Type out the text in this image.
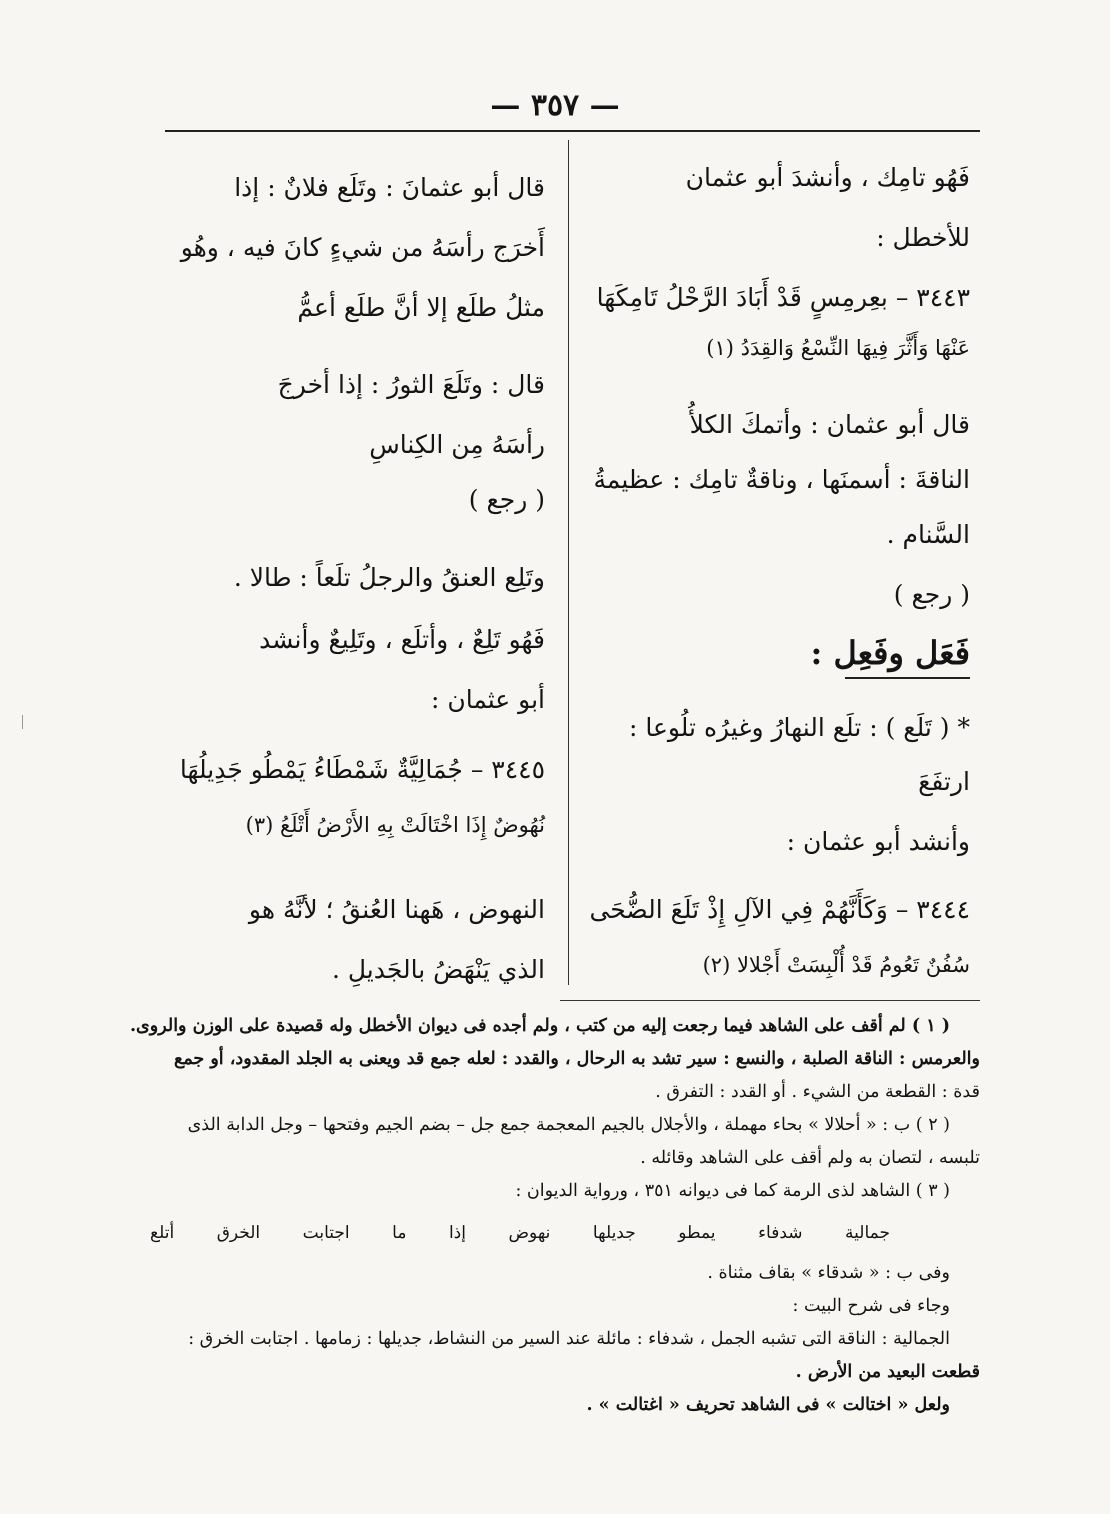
— ٣٥٧ —
فَهُو تامِك ، وأنشدَ أبو عثمان
للأخطل :
٣٤٤٣ – بعِرمِسٍ قَدْ أَبَادَ الرَّحْلُ تَامِكَهَا
عَنْهَا وَأَثَّرَ فِيهَا النِّسْعُ وَالقِدَدُ (١)
قال أبو عثمان : وأتمكَ الكلأُ
الناقةَ : أسمنَها ، وناقةٌ تامِك : عظيمةُ
السَّنام .
( رجع )
فَعَل وفَعِل :
* ( تَلَع ) : تلَع النهارُ وغيرُه تلُوعا :
ارتفَعَ
وأنشد أبو عثمان :
٣٤٤٤ – وَكَأَنَّهُمْ فِي الآلِ إِذْ تَلَعَ الضُّحَى
سُفُنٌ تَعُومُ قَدْ أُلْبِسَتْ أَجْلالا (٢)
قال أبو عثمانَ : وتَلَع فلانٌ : إذا
أَخرَج رأسَهُ من شيءٍ كانَ فيه ، وهُو
مثلُ طلَع إلا أنَّ طلَع أعمُّ
قال : وتَلَعَ الثورُ : إذا أخرجَ
رأسَهُ مِن الكِناسِ
( رجع )
وتَلِع العنقُ والرجلُ تلَعاً : طالا .
فَهُو تَلِعٌ ، وأتلَع ، وتَلِيعٌ وأنشد
أبو عثمان :
٣٤٤٥ – جُمَالِيَّةٌ شَمْطَاءُ يَمْطُو جَدِيلُهَا
نُهُوضٌ إِذَا اخْتَالَتْ بِهِ الأَرْضُ أَتْلَعُ (٣)
النهوض ، هَهنا العُنقُ ؛ لأنَّهُ هو
الذي يَنْهَضُ بالجَديلِ .
( ١ ) لم أقف على الشاهد فيما رجعت إليه من كتب ، ولم أجده فى ديوان الأخطل وله قصيدة على الوزن والروى.
والعرمس : الناقة الصلبة ، والنسع : سير تشد به الرحال ، والقدد : لعله جمع قد ويعنى به الجلد المقدود، أو جمع
قدة : القطعة من الشيء . أو القدد : التفرق .
( ٢ ) ب : « أحلالا » بحاء مهملة ، والأجلال بالجيم المعجمة جمع جل – بضم الجيم وفتحها – وجل الدابة الذى
تلبسه ، لتصان به ولم أقف على الشاهد وقائله .
( ٣ ) الشاهد لذى الرمة كما فى ديوانه ٣٥١ ، ورواية الديوان :
وفى ب : « شدقاء » بقاف مثناة .
وجاء فى شرح البيت :
الجمالية : الناقة التى تشبه الجمل ، شدفاء : مائلة عند السير من النشاط، جديلها : زمامها . اجتابت الخرق :
قطعت البعيد من الأرض .
ولعل « اختالت » فى الشاهد تحريف « اغتالت » .
جمالية
شدفاء
يمطو
جديلها
نهوض
إذا
ما
اجتابت
الخرق
أتلع
